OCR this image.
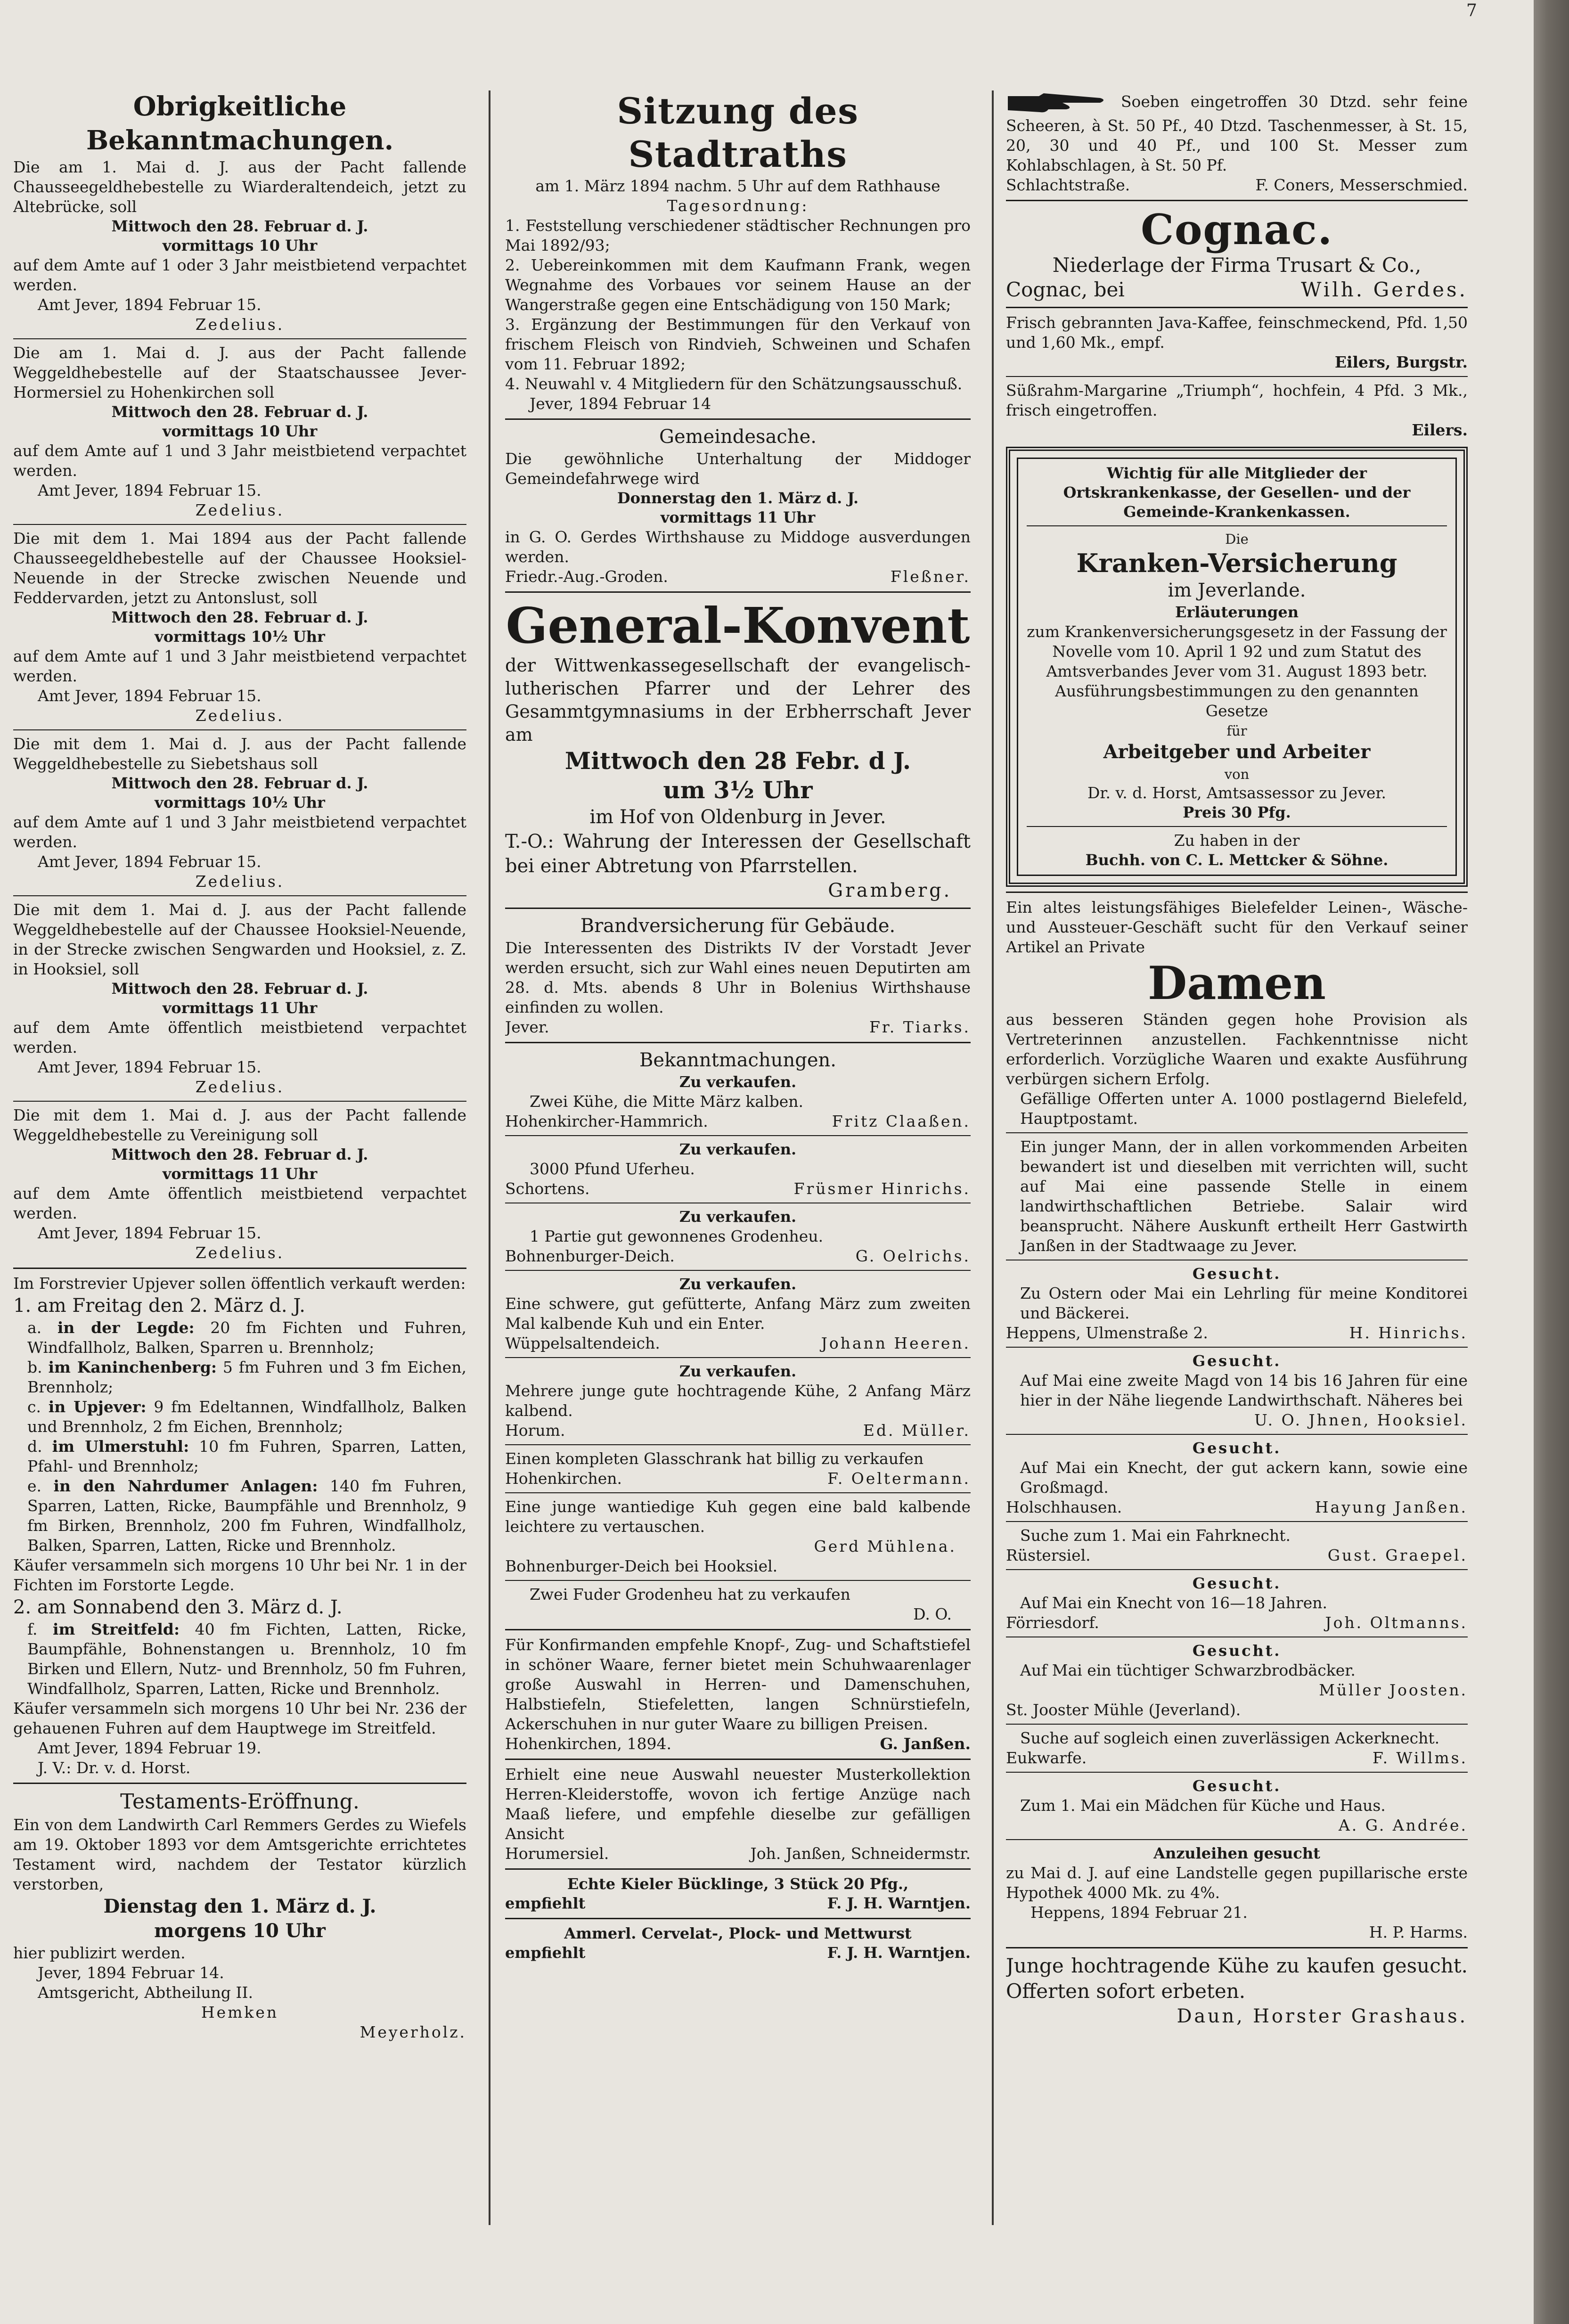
7
Obrigkeitliche Bekanntmachungen.
Die am 1. Mai d. J. aus der Pacht fallende Chausseegeldhebestelle zu Wiarderaltendeich, jetzt zu Altebrücke, soll
Mittwoch den 28. Februar d. J.
vormittags 10 Uhr
auf dem Amte auf 1 oder 3 Jahr meistbietend verpachtet werden.
Amt Jever, 1894 Februar 15.
Zedelius.
Die am 1. Mai d. J. aus der Pacht fallende Weggeldhebestelle auf der Staatschaussee Jever-Hormersiel zu Hohenkirchen soll
Mittwoch den 28. Februar d. J.
vormittags 10 Uhr
auf dem Amte auf 1 und 3 Jahr meistbietend verpachtet werden.
Amt Jever, 1894 Februar 15.
Zedelius.
Die mit dem 1. Mai 1894 aus der Pacht fallende Chausseegeldhebestelle auf der Chaussee Hooksiel-Neuende in der Strecke zwischen Neuende und Feddervarden, jetzt zu Antonslust, soll
Mittwoch den 28. Februar d. J.
vormittags 10½ Uhr
auf dem Amte auf 1 und 3 Jahr meistbietend verpachtet werden.
Amt Jever, 1894 Februar 15.
Zedelius.
Die mit dem 1. Mai d. J. aus der Pacht fallende Weggeldhebestelle zu Siebetshaus soll
Mittwoch den 28. Februar d. J.
vormittags 10½ Uhr
auf dem Amte auf 1 und 3 Jahr meistbietend verpachtet werden.
Amt Jever, 1894 Februar 15.
Zedelius.
Die mit dem 1. Mai d. J. aus der Pacht fallende Weggeldhebestelle auf der Chaussee Hooksiel-Neuende, in der Strecke zwischen Sengwarden und Hooksiel, z. Z. in Hooksiel, soll
Mittwoch den 28. Februar d. J.
vormittags 11 Uhr
auf dem Amte öffentlich meistbietend verpachtet werden.
Amt Jever, 1894 Februar 15.
Zedelius.
Die mit dem 1. Mai d. J. aus der Pacht fallende Weggeldhebestelle zu Vereinigung soll
Mittwoch den 28. Februar d. J.
vormittags 11 Uhr
auf dem Amte öffentlich meistbietend verpachtet werden.
Amt Jever, 1894 Februar 15.
Zedelius.
Im Forstrevier Upjever sollen öffentlich verkauft werden:
1. am Freitag den 2. März d. J.
a. in der Legde: 20 fm Fichten und Fuhren, Windfallholz, Balken, Sparren u. Brennholz;
b. im Kaninchenberg: 5 fm Fuhren und 3 fm Eichen, Brennholz;
c. in Upjever: 9 fm Edeltannen, Windfallholz, Balken und Brennholz, 2 fm Eichen, Brennholz;
d. im Ulmerstuhl: 10 fm Fuhren, Sparren, Latten, Pfahl- und Brennholz;
e. in den Nahrdumer Anlagen: 140 fm Fuhren, Sparren, Latten, Ricke, Baumpfähle und Brennholz, 9 fm Birken, Brennholz, 200 fm Fuhren, Windfallholz, Balken, Sparren, Latten, Ricke und Brennholz.
Käufer versammeln sich morgens 10 Uhr bei Nr. 1 in der Fichten im Forstorte Legde.
2. am Sonnabend den 3. März d. J.
f. im Streitfeld: 40 fm Fichten, Latten, Ricke, Baumpfähle, Bohnenstangen u. Brennholz, 10 fm Birken und Ellern, Nutz- und Brennholz, 50 fm Fuhren, Windfallholz, Sparren, Latten, Ricke und Brennholz.
Käufer versammeln sich morgens 10 Uhr bei Nr. 236 der gehauenen Fuhren auf dem Hauptwege im Streitfeld.
Amt Jever, 1894 Februar 19.
J. V.: Dr. v. d. Horst.
Testaments-Eröffnung.
Ein von dem Landwirth Carl Remmers Gerdes zu Wiefels am 19. Oktober 1893 vor dem Amtsgerichte errichtetes Testament wird, nachdem der Testator kürzlich verstorben,
Dienstag den 1. März d. J.
morgens 10 Uhr
hier publizirt werden.
Jever, 1894 Februar 14.
Amtsgericht, Abtheilung II.
Hemken
Meyerholz.
Sitzung des Stadtraths
am 1. März 1894 nachm. 5 Uhr auf dem Rathhause
Tagesordnung:
1. Feststellung verschiedener städtischer Rechnungen pro Mai 1892/93;
2. Uebereinkommen mit dem Kaufmann Frank, wegen Wegnahme des Vorbaues vor seinem Hause an der Wangerstraße gegen eine Entschädigung von 150 Mark;
3. Ergänzung der Bestimmungen für den Verkauf von frischem Fleisch von Rindvieh, Schweinen und Schafen vom 11. Februar 1892;
4. Neuwahl v. 4 Mitgliedern für den Schätzungsausschuß.
Jever, 1894 Februar 14
Gemeindesache.
Die gewöhnliche Unterhaltung der Middoger Gemeindefahrwege wird
Donnerstag den 1. März d. J.
vormittags 11 Uhr
in G. O. Gerdes Wirthshause zu Middoge ausverdungen werden.
Friedr.-Aug.-Groden.	Fleßner.
General-Konvent
der Wittwenkassegesellschaft der evangelisch-lutherischen Pfarrer und der Lehrer des Gesammtgymnasiums in der Erbherrschaft Jever am
Mittwoch den 28 Febr. d J.
um 3½ Uhr
im Hof von Oldenburg in Jever.
T.-O.: Wahrung der Interessen der Gesellschaft bei einer Abtretung von Pfarrstellen.
Gramberg.
Brandversicherung für Gebäude.
Die Interessenten des Distrikts IV der Vorstadt Jever werden ersucht, sich zur Wahl eines neuen Deputirten am 28. d. Mts. abends 8 Uhr in Bolenius Wirthshause einfinden zu wollen.
Jever.	Fr. Tiarks.
Bekanntmachungen.
Zu verkaufen.
Zwei Kühe, die Mitte März kalben.
Hohenkircher-Hammrich.	Fritz Claaßen.
Zu verkaufen.
3000 Pfund Uferheu.
Schortens.	Früsmer Hinrichs.
Zu verkaufen.
1 Partie gut gewonnenes Grodenheu.
Bohnenburger-Deich.	G. Oelrichs.
Zu verkaufen.
Eine schwere, gut gefütterte, Anfang März zum zweiten Mal kalbende Kuh und ein Enter.
Wüppelsaltendeich.	Johann Heeren.
Zu verkaufen.
Mehrere junge gute hochtragende Kühe, 2 Anfang März kalbend.
Horum.	Ed. Müller.
Einen kompleten Glasschrank hat billig zu verkaufen
Hohenkirchen.	F. Oeltermann.
Eine junge wantiedige Kuh gegen eine bald kalbende leichtere zu vertauschen.
Gerd Mühlena.
Bohnenburger-Deich bei Hooksiel.
Zwei Fuder Grodenheu hat zu verkaufen
D. O.
Für Konfirmanden empfehle Knopf-, Zug- und Schaftstiefel in schöner Waare, ferner bietet mein Schuhwaarenlager große Auswahl in Herren- und Damenschuhen, Halbstiefeln, Stiefeletten, langen Schnürstiefeln, Ackerschuhen in nur guter Waare zu billigen Preisen.
Hohenkirchen, 1894.	G. Janßen.
Erhielt eine neue Auswahl neuester Musterkollektion Herren-Kleiderstoffe, wovon ich fertige Anzüge nach Maaß liefere, und empfehle dieselbe zur gefälligen Ansicht
Horumersiel.	Joh. Janßen, Schneidermstr.
Echte Kieler Bücklinge, 3 Stück 20 Pfg.,
empfiehlt	F. J. H. Warntjen.
Ammerl. Cervelat-, Plock- und Mettwurst
empfiehlt	F. J. H. Warntjen.
Soeben eingetroffen 30 Dtzd. sehr feine Scheeren, à St. 50 Pf., 40 Dtzd. Taschenmesser, à St. 15, 20, 30 und 40 Pf., und 100 St. Messer zum Kohlabschlagen, à St. 50 Pf.
Schlachtstraße.	F. Coners, Messerschmied.
Cognac.
Niederlage der Firma Trusart & Co.,
Cognac, bei	Wilh. Gerdes.
Frisch gebrannten Java-Kaffee, feinschmeckend, Pfd. 1,50 und 1,60 Mk., empf.
Eilers, Burgstr.
Süßrahm-Margarine „Triumph“, hochfein, 4 Pfd. 3 Mk., frisch eingetroffen.
Eilers.
Wichtig für alle Mitglieder der Ortskrankenkasse, der Gesellen- und der Gemeinde-Krankenkassen.
Die
Kranken-Versicherung
im Jeverlande.
Erläuterungen
zum Krankenversicherungsgesetz in der Fassung der Novelle vom 10. April 1 92 und zum Statut des Amtsverbandes Jever vom 31. August 1893 betr. Ausführungsbestimmungen zu den genannten Gesetze
für
Arbeitgeber und Arbeiter
von
Dr. v. d. Horst, Amtsassessor zu Jever.
Preis 30 Pfg.
Zu haben in der
Buchh. von C. L. Mettcker & Söhne.
Ein altes leistungsfähiges Bielefelder Leinen-, Wäsche- und Aussteuer-Geschäft sucht für den Verkauf seiner Artikel an Private
Damen
aus besseren Ständen gegen hohe Provision als Vertreterinnen anzustellen. Fachkenntnisse nicht erforderlich. Vorzügliche Waaren und exakte Ausführung verbürgen sichern Erfolg.
Gefällige Offerten unter A. 1000 postlagernd Bielefeld, Hauptpostamt.
Ein junger Mann, der in allen vorkommenden Arbeiten bewandert ist und dieselben mit verrichten will, sucht auf Mai eine passende Stelle in einem landwirthschaftlichen Betriebe. Salair wird beansprucht. Nähere Auskunft ertheilt Herr Gastwirth Janßen in der Stadtwaage zu Jever.
Gesucht.
Zu Ostern oder Mai ein Lehrling für meine Konditorei und Bäckerei.
Heppens, Ulmenstraße 2.	H. Hinrichs.
Gesucht.
Auf Mai eine zweite Magd von 14 bis 16 Jahren für eine hier in der Nähe liegende Landwirthschaft. Näheres bei
U. O. Jhnen, Hooksiel.
Gesucht.
Auf Mai ein Knecht, der gut ackern kann, sowie eine Großmagd.
Holschhausen.	Hayung Janßen.
Suche zum 1. Mai ein Fahrknecht.
Rüstersiel.	Gust. Graepel.
Gesucht.
Auf Mai ein Knecht von 16—18 Jahren.
Förriesdorf.	Joh. Oltmanns.
Gesucht.
Auf Mai ein tüchtiger Schwarzbrodbäcker.
Müller Joosten.
St. Jooster Mühle (Jeverland).
Suche auf sogleich einen zuverlässigen Ackerknecht.
Eukwarfe.	F. Willms.
Gesucht.
Zum 1. Mai ein Mädchen für Küche und Haus.
A. G. Andrée.
Anzuleihen gesucht
zu Mai d. J. auf eine Landstelle gegen pupillarische erste Hypothek 4000 Mk. zu 4%.
Heppens, 1894 Februar 21.
H. P. Harms.
Junge hochtragende Kühe zu kaufen gesucht. Offerten sofort erbeten.
Daun, Horster Grashaus.
